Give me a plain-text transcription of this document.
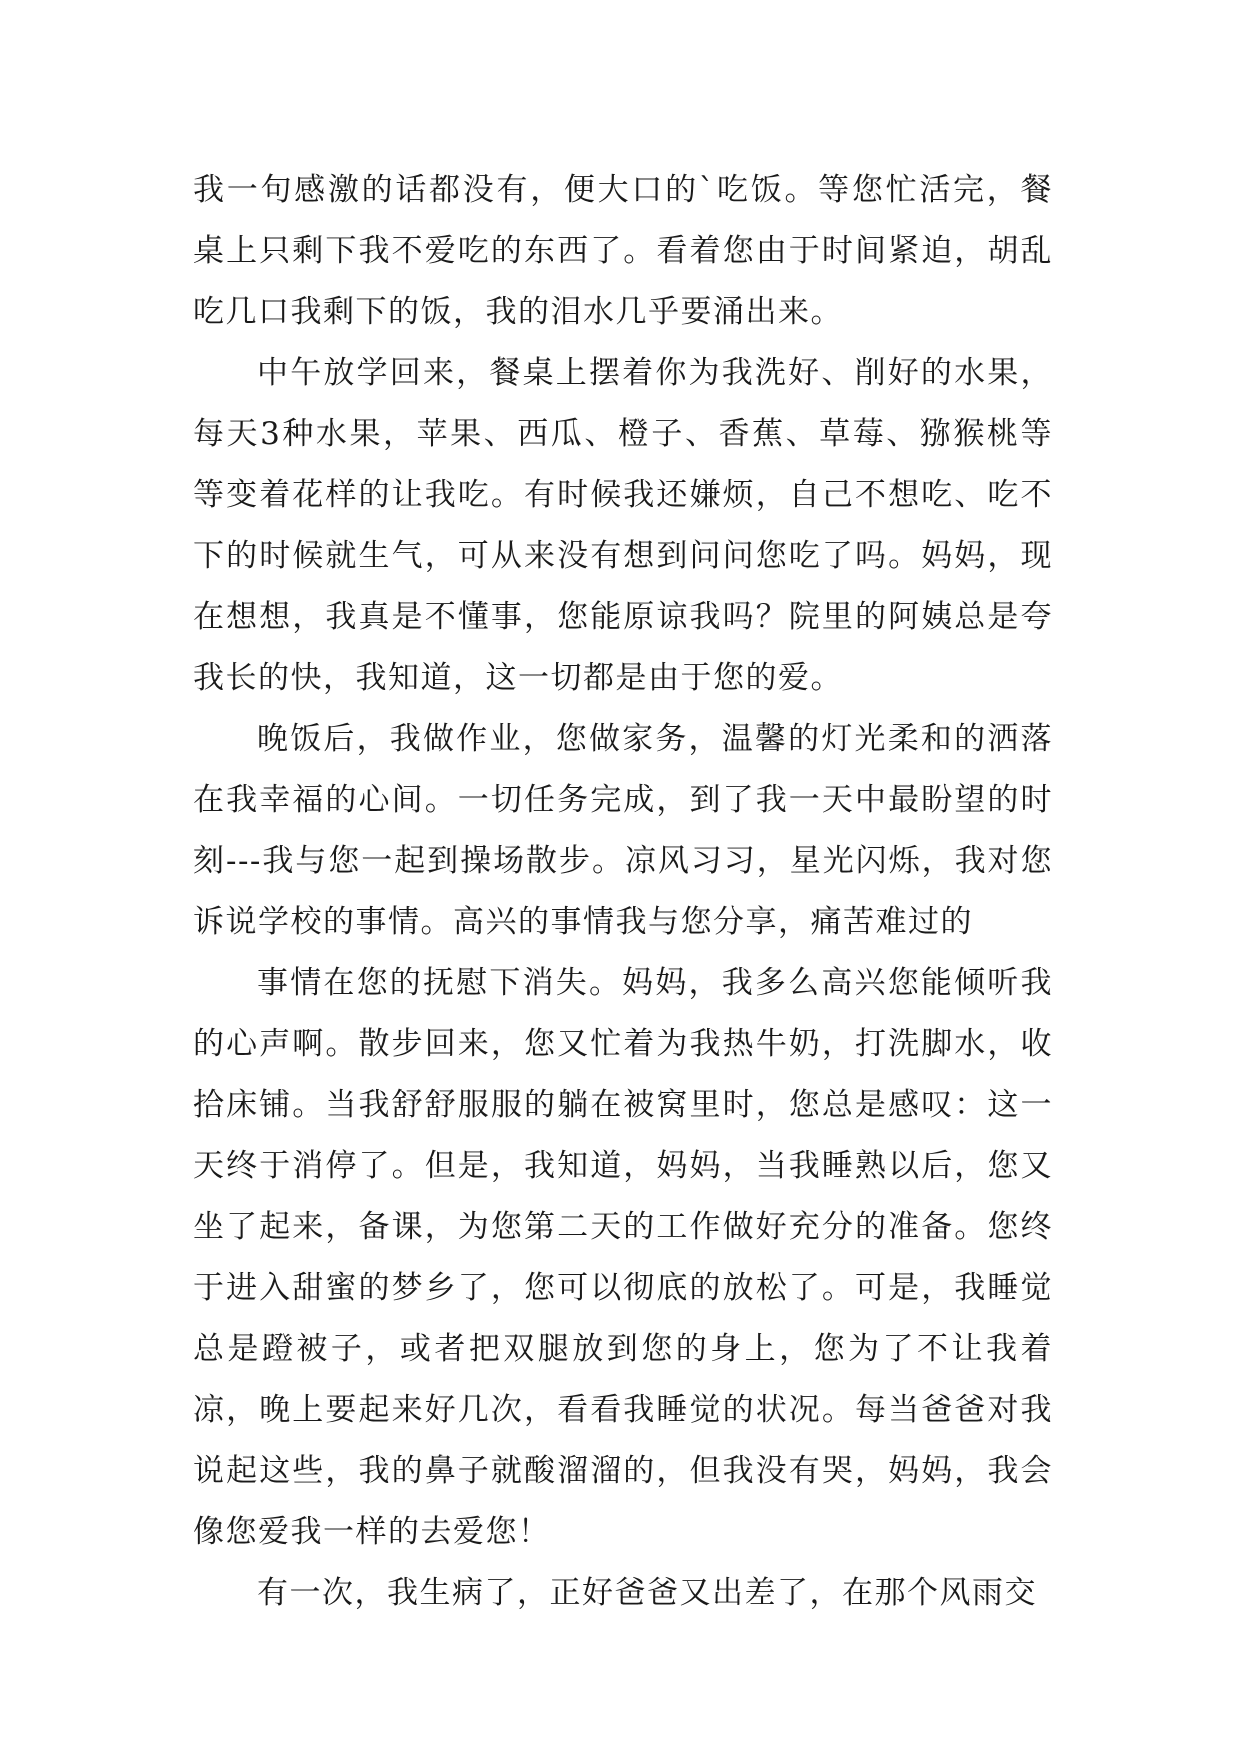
我一句感激的话都没有，便大口的`吃饭。等您忙活完，餐桌上只剩下我不爱吃的东西了。看着您由于时间紧迫，胡乱吃几口我剩下的饭，我的泪水几乎要涌出来。

中午放学回来，餐桌上摆着你为我洗好、削好的水果，每天3种水果，苹果、西瓜、橙子、香蕉、草莓、猕猴桃等等变着花样的让我吃。有时候我还嫌烦，自己不想吃、吃不下的时候就生气，可从来没有想到问问您吃了吗。妈妈，现在想想，我真是不懂事，您能原谅我吗？院里的阿姨总是夸我长的快，我知道，这一切都是由于您的爱。

晚饭后，我做作业，您做家务，温馨的灯光柔和的洒落在我幸福的心间。一切任务完成，到了我一天中最盼望的时刻---我与您一起到操场散步。凉风习习，星光闪烁，我对您诉说学校的事情。高兴的事情我与您分享，痛苦难过的

事情在您的抚慰下消失。妈妈，我多么高兴您能倾听我的心声啊。散步回来，您又忙着为我热牛奶，打洗脚水，收拾床铺。当我舒舒服服的躺在被窝里时，您总是感叹：这一天终于消停了。但是，我知道，妈妈，当我睡熟以后，您又坐了起来，备课，为您第二天的工作做好充分的准备。您终于进入甜蜜的梦乡了，您可以彻底的放松了。可是，我睡觉总是蹬被子，或者把双腿放到您的身上，您为了不让我着凉，晚上要起来好几次，看看我睡觉的状况。每当爸爸对我说起这些，我的鼻子就酸溜溜的，但我没有哭，妈妈，我会像您爱我一样的去爱您！

有一次，我生病了，正好爸爸又出差了，在那个风雨交
